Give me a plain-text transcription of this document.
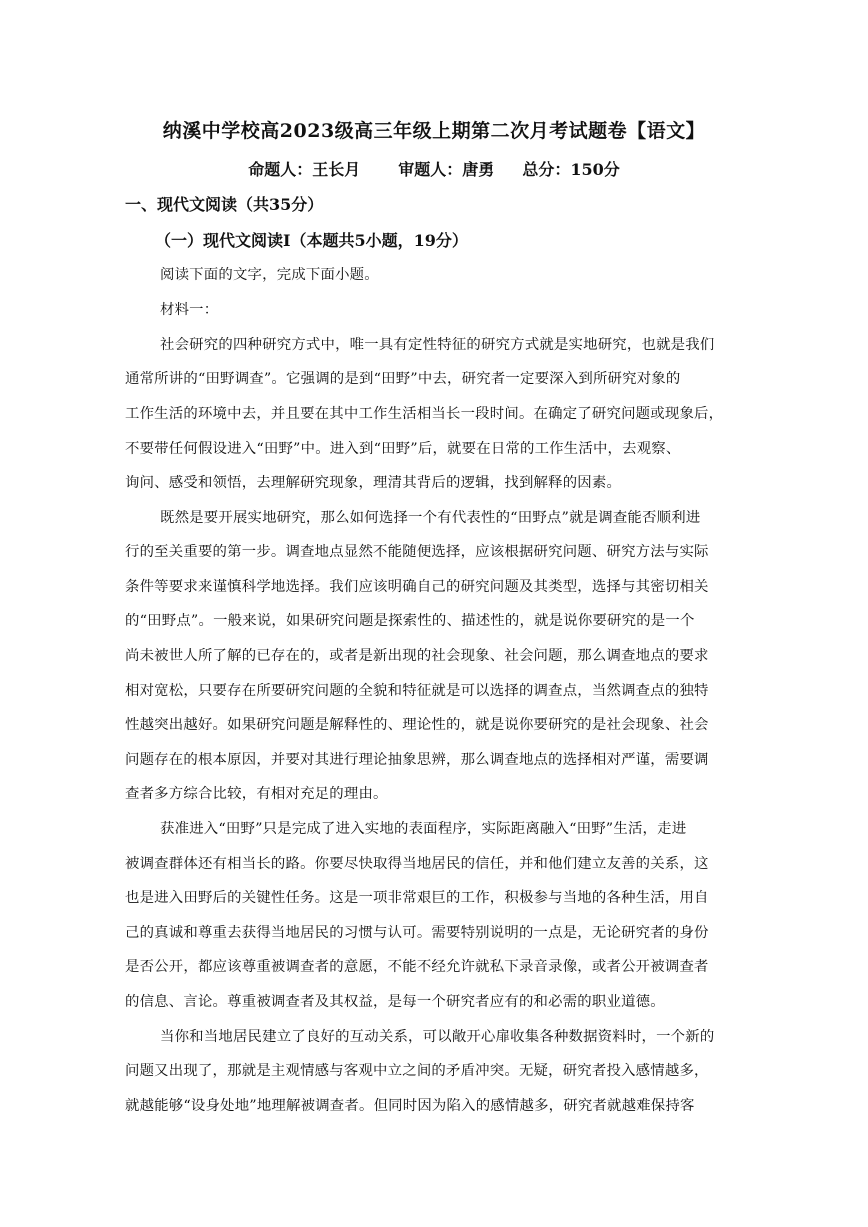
纳溪中学校高2023级高三年级上期第二次月考试题卷【语文】
命题人：王长月 审题人：唐勇 总分：150分
一、现代文阅读（共35分）
（一）现代文阅读Ⅰ（本题共5小题，19分）
阅读下面的文字，完成下面小题。
材料一：
社会研究的四种研究方式中，唯一具有定性特征的研究方式就是实地研究，也就是我们
通常所讲的“田野调查”。它强调的是到“田野”中去，研究者一定要深入到所研究对象的
工作生活的环境中去，并且要在其中工作生活相当长一段时间。在确定了研究问题或现象后，
不要带任何假设进入“田野”中。进入到“田野”后，就要在日常的工作生活中，去观察、
询问、感受和领悟，去理解研究现象，理清其背后的逻辑，找到解释的因素。
既然是要开展实地研究，那么如何选择一个有代表性的“田野点”就是调查能否顺利进
行的至关重要的第一步。调查地点显然不能随便选择，应该根据研究问题、研究方法与实际
条件等要求来谨慎科学地选择。我们应该明确自己的研究问题及其类型，选择与其密切相关
的“田野点”。一般来说，如果研究问题是探索性的、描述性的，就是说你要研究的是一个
尚未被世人所了解的已存在的，或者是新出现的社会现象、社会问题，那么调查地点的要求
相对宽松，只要存在所要研究问题的全貌和特征就是可以选择的调查点，当然调查点的独特
性越突出越好。如果研究问题是解释性的、理论性的，就是说你要研究的是社会现象、社会
问题存在的根本原因，并要对其进行理论抽象思辨，那么调查地点的选择相对严谨，需要调
查者多方综合比较，有相对充足的理由。
获准进入“田野”只是完成了进入实地的表面程序，实际距离融入“田野”生活，走进
被调查群体还有相当长的路。你要尽快取得当地居民的信任，并和他们建立友善的关系，这
也是进入田野后的关键性任务。这是一项非常艰巨的工作，积极参与当地的各种生活，用自
己的真诚和尊重去获得当地居民的习惯与认可。需要特别说明的一点是，无论研究者的身份
是否公开，都应该尊重被调查者的意愿，不能不经允许就私下录音录像，或者公开被调查者
的信息、言论。尊重被调查者及其权益，是每一个研究者应有的和必需的职业道德。
当你和当地居民建立了良好的互动关系，可以敞开心扉收集各种数据资料时，一个新的
问题又出现了，那就是主观情感与客观中立之间的矛盾冲突。无疑，研究者投入感情越多，
就越能够“设身处地”地理解被调查者。但同时因为陷入的感情越多，研究者就越难保持客
